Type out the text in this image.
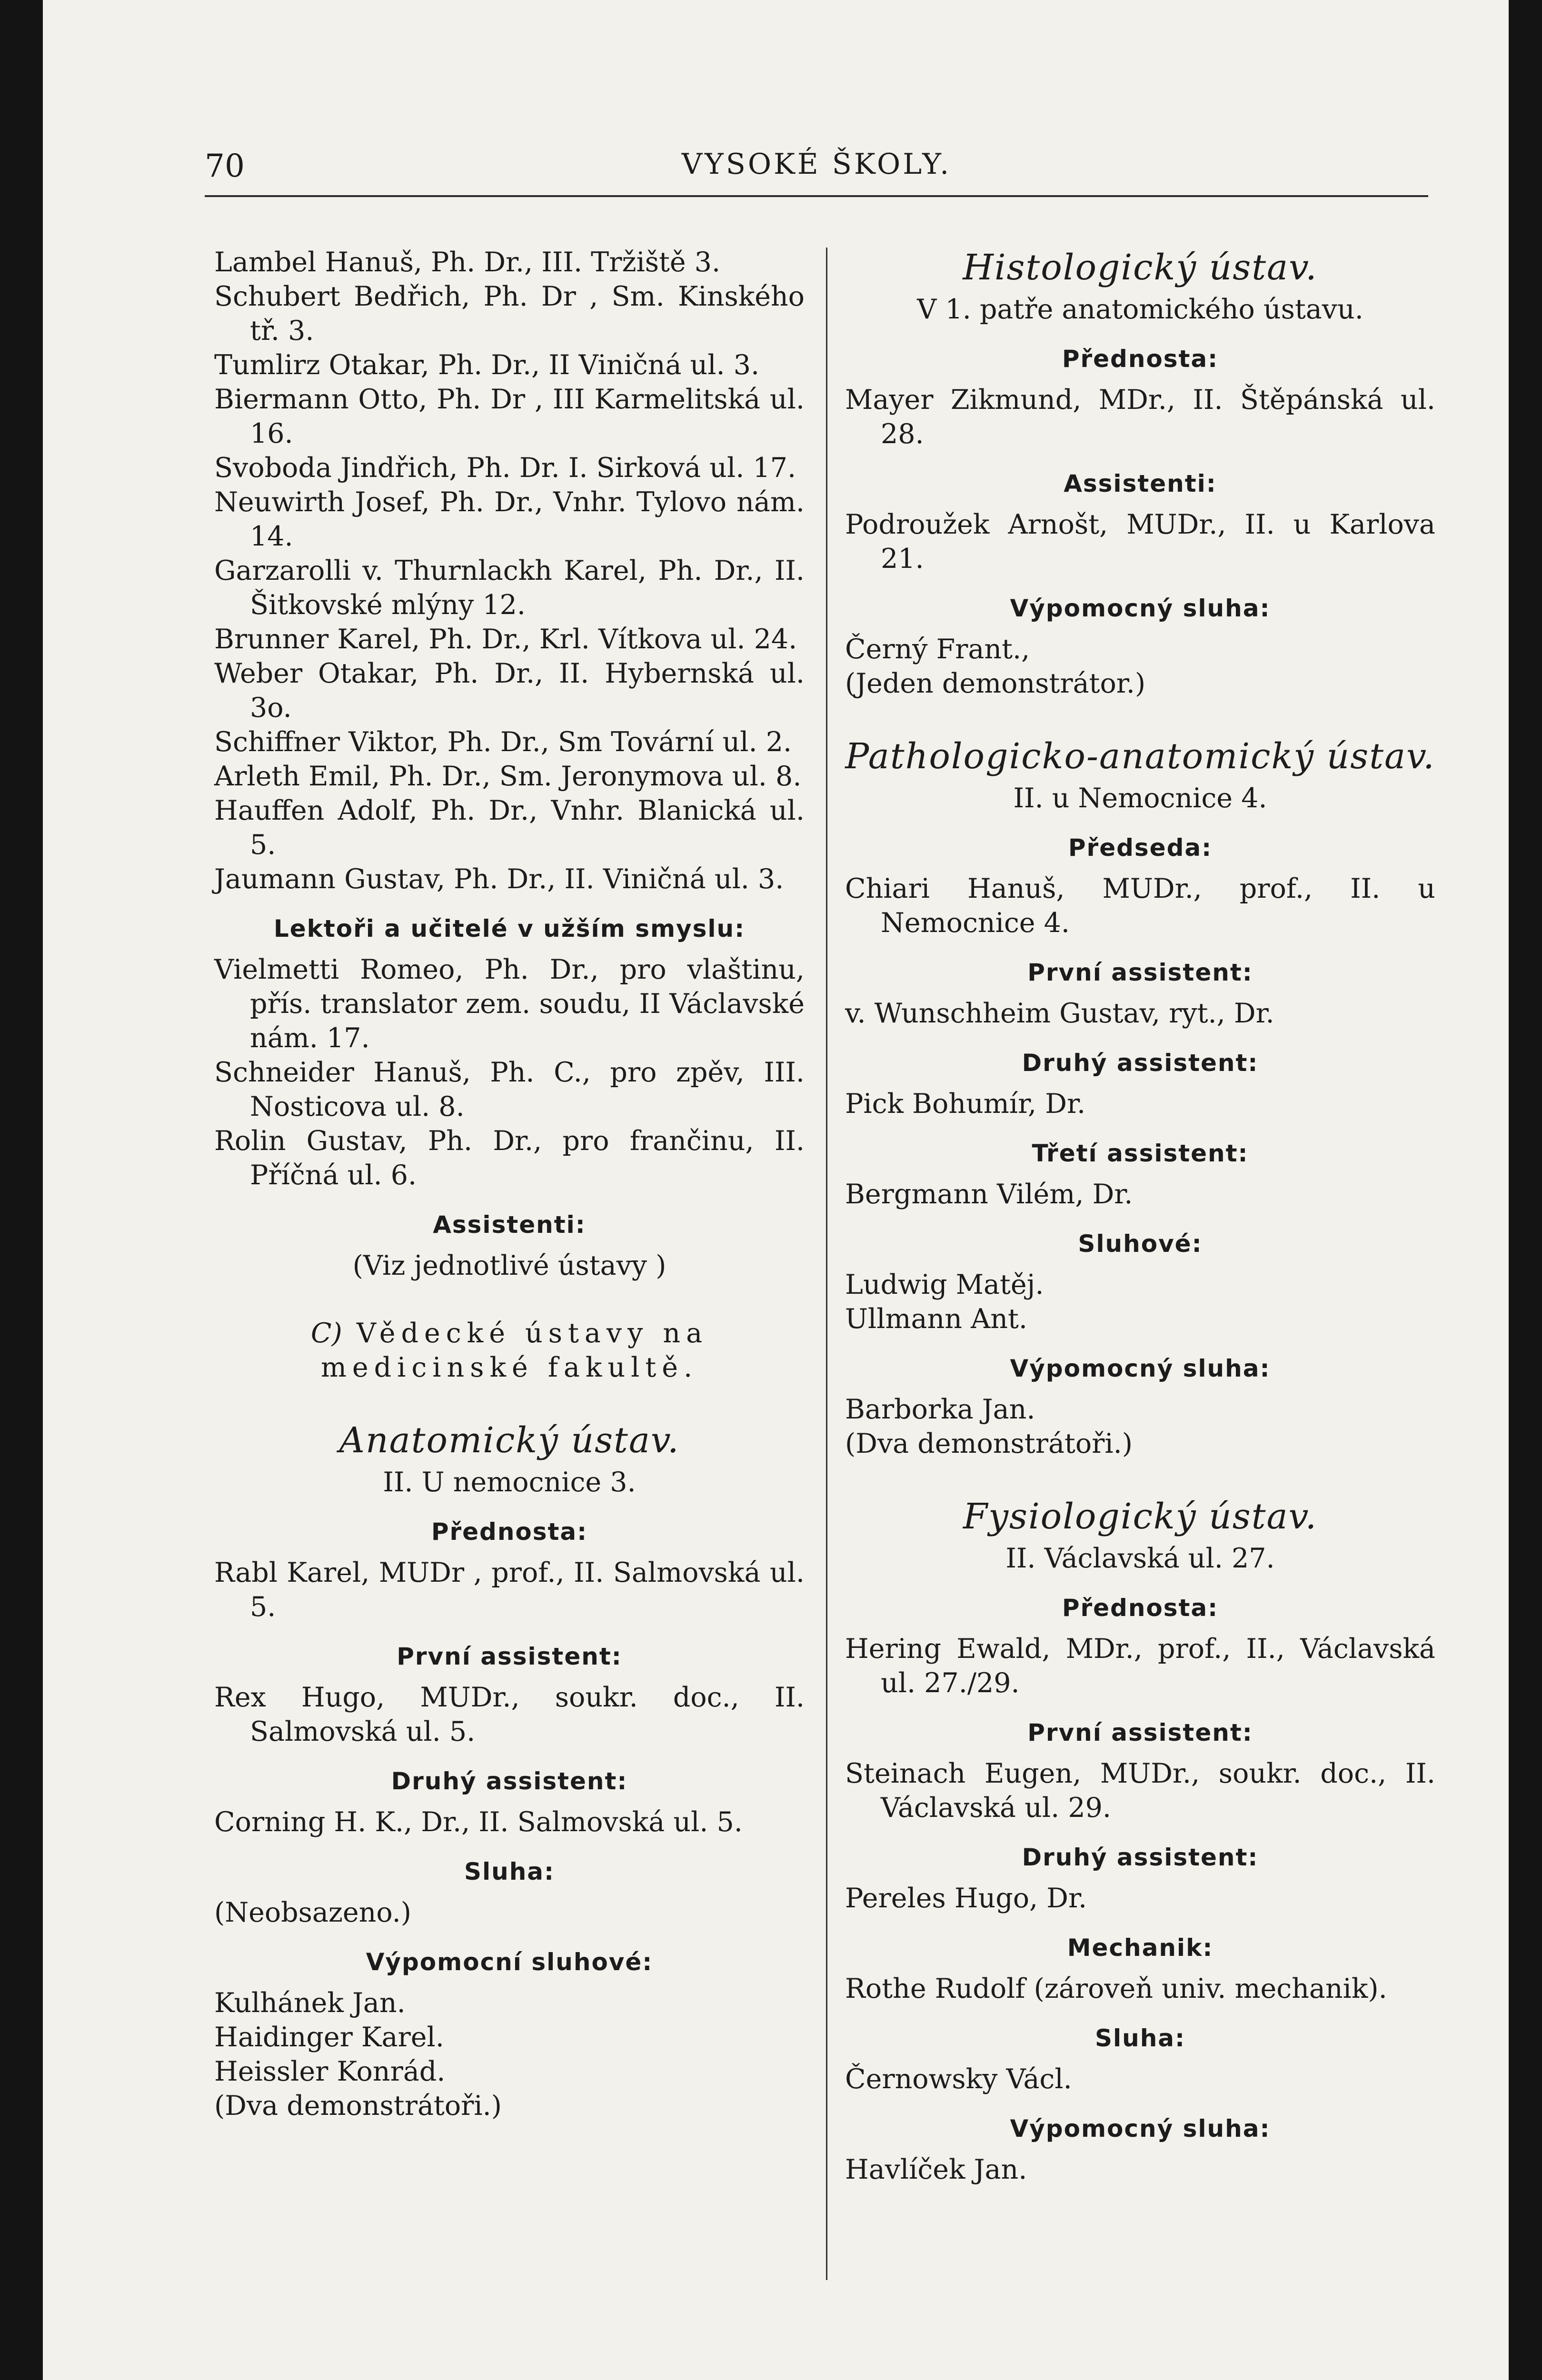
70	VYSOKÉ ŠKOLY.
Lambel Hanuš, Ph. Dr., III. Tržiště 3.
Schubert Bedřich, Ph. Dr , Sm. Kinského tř. 3.
Tumlirz Otakar, Ph. Dr., II Viničná ul. 3.
Biermann Otto, Ph. Dr , III Karmelitská ul. 16.
Svoboda Jindřich, Ph. Dr. I. Sirková ul. 17.
Neuwirth Josef, Ph. Dr., Vnhr. Tylovo nám. 14.
Garzarolli v. Thurnlackh Karel, Ph. Dr., II. Šitkovské mlýny 12.
Brunner Karel, Ph. Dr., Krl. Vítkova ul. 24.
Weber Otakar, Ph. Dr., II. Hybernská ul. 3o.
Schiffner Viktor, Ph. Dr., Sm Tovární ul. 2.
Arleth Emil, Ph. Dr., Sm. Jeronymova ul. 8.
Hauffen Adolf, Ph. Dr., Vnhr. Blanická ul. 5.
Jaumann Gustav, Ph. Dr., II. Viničná ul. 3.
Lektoři a učitelé v užším smyslu:
Vielmetti Romeo, Ph. Dr., pro vlaštinu, přís. translator zem. soudu, II Václavské nám. 17.
Schneider Hanuš, Ph. C., pro zpěv, III. Nosticova ul. 8.
Rolin Gustav, Ph. Dr., pro frančinu, II. Příčná ul. 6.
Assistenti:
(Viz jednotlivé ústavy )
C) Vědecké ústavy na medicinské fakultě.
Anatomický ústav.
II. U nemocnice 3.
Přednosta:
Rabl Karel, MUDr , prof., II. Salmovská ul. 5.
První assistent:
Rex Hugo, MUDr., soukr. doc., II. Salmovská ul. 5.
Druhý assistent:
Corning H. K., Dr., II. Salmovská ul. 5.
Sluha:
(Neobsazeno.)
Výpomocní sluhové:
Kulhánek Jan.
Haidinger Karel.
Heissler Konrád.
(Dva demonstrátoři.)
Histologický ústav.
V 1. patře anatomického ústavu.
Přednosta:
Mayer Zikmund, MDr., II. Štěpánská ul. 28.
Assistenti:
Podroužek Arnošt, MUDr., II. u Karlova 21.
Výpomocný sluha:
Černý Frant.,
(Jeden demonstrátor.)
Pathologicko-anatomický ústav.
II. u Nemocnice 4.
Předseda:
Chiari Hanuš, MUDr., prof., II. u Nemocnice 4.
První assistent:
v. Wunschheim Gustav, ryt., Dr.
Druhý assistent:
Pick Bohumír, Dr.
Třetí assistent:
Bergmann Vilém, Dr.
Sluhové:
Ludwig Matěj.
Ullmann Ant.
Výpomocný sluha:
Barborka Jan.
(Dva demonstrátoři.)
Fysiologický ústav.
II. Václavská ul. 27.
Přednosta:
Hering Ewald, MDr., prof., II., Václavská ul. 27./29.
První assistent:
Steinach Eugen, MUDr., soukr. doc., II. Václavská ul. 29.
Druhý assistent:
Pereles Hugo, Dr.
Mechanik:
Rothe Rudolf (zároveň univ. mechanik).
Sluha:
Černowsky Václ.
Výpomocný sluha:
Havlíček Jan.
